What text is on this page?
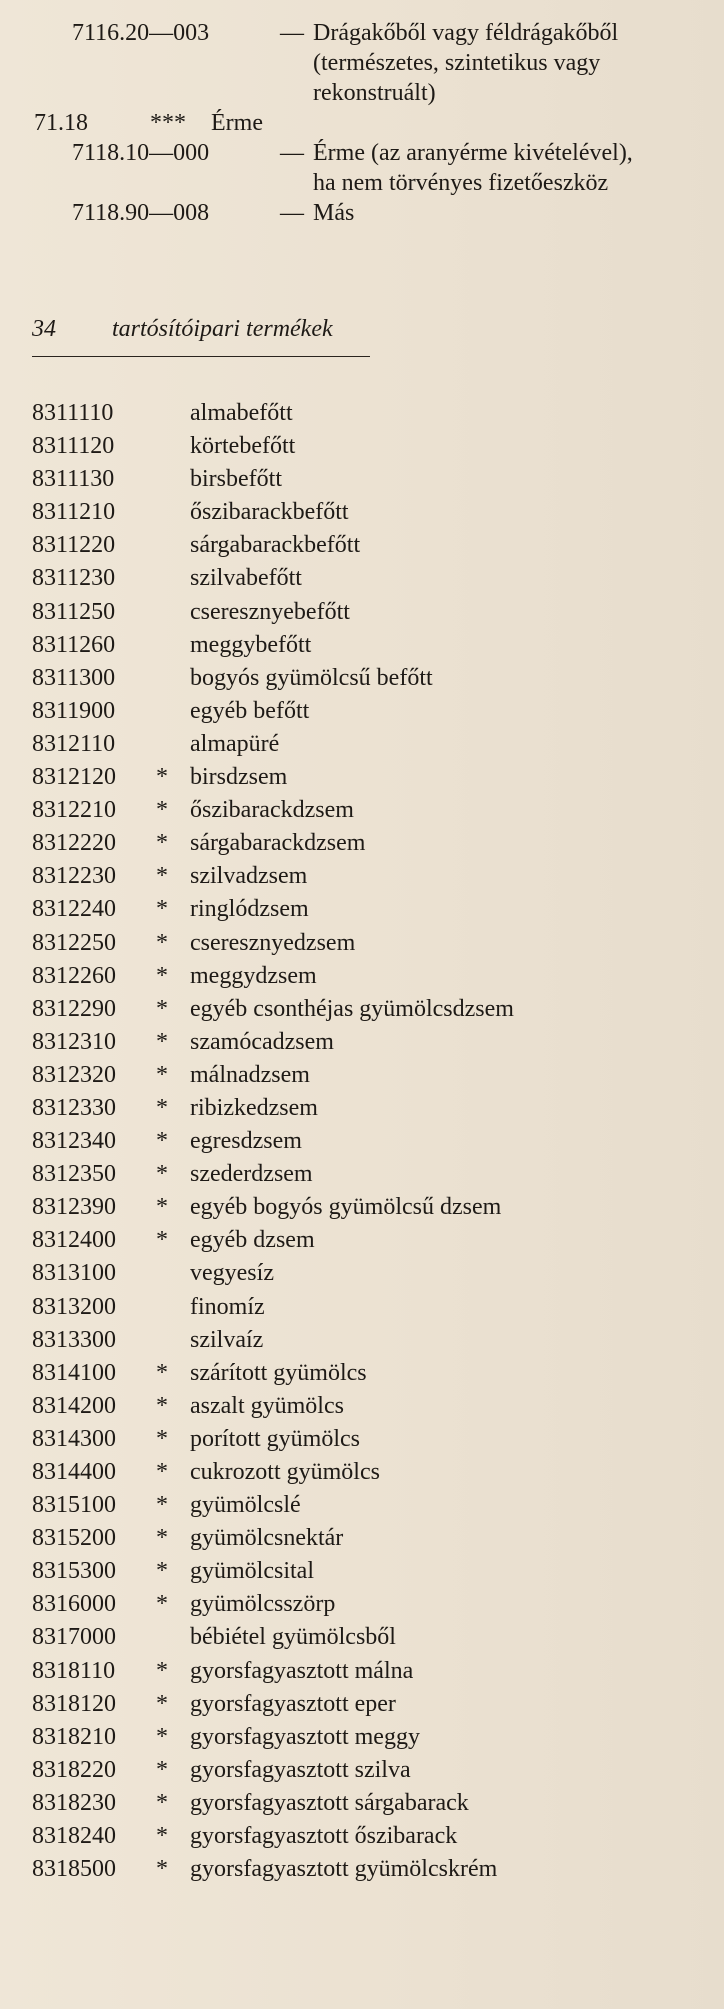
7116.20—003	— Drágakőből vagy féldrágakőből
(természetes, szintetikus vagy
rekonstruált)
71.18	*** Érme
7118.10—000	— Érme (az aranyérme kivételével),
ha nem törvényes fizetőeszköz
7118.90—008	— Más
34 tartósítóipari termékek
8311110	almabefőtt
8311120	körtebefőtt
8311130	birsbefőtt
8311210	őszibarackbefőtt
8311220	sárgabarackbefőtt
8311230	szilvabefőtt
8311250	cseresznyebefőtt
8311260	meggybefőtt
8311300	bogyós gyümölcsű befőtt
8311900	egyéb befőtt
8312110	almapüré
8312120 * birsdzsem
8312210 * őszibarackdzsem
8312220 * sárgabarackdzsem
8312230 * szilvadzsem
8312240 * ringlódzsem
8312250 * cseresznyedzsem
8312260 * meggydzsem
8312290 * egyéb csonthéjas gyümölcsdzsem
8312310 * szamócadzsem
8312320 * málnadzsem
8312330 * ribizkedzsem
8312340 * egresdzsem
8312350 * szederdzsem
8312390 * egyéb bogyós gyümölcsű dzsem
8312400 * egyéb dzsem
8313100	vegyesíz
8313200	finomíz
8313300	szilvaíz
8314100 * szárított gyümölcs
8314200 * aszalt gyümölcs
8314300 * porított gyümölcs
8314400 * cukrozott gyümölcs
8315100 * gyümölcslé
8315200 * gyümölcsnektár
8315300 * gyümölcsital
8316000 * gyümölcsszörp
8317000	bébiétel gyümölcsből
8318110 * gyorsfagyasztott málna
8318120 * gyorsfagyasztott eper
8318210 * gyorsfagyasztott meggy
8318220 * gyorsfagyasztott szilva
8318230 * gyorsfagyasztott sárgabarack
8318240 * gyorsfagyasztott őszibarack
8318500 * gyorsfagyasztott gyümölcskrém
